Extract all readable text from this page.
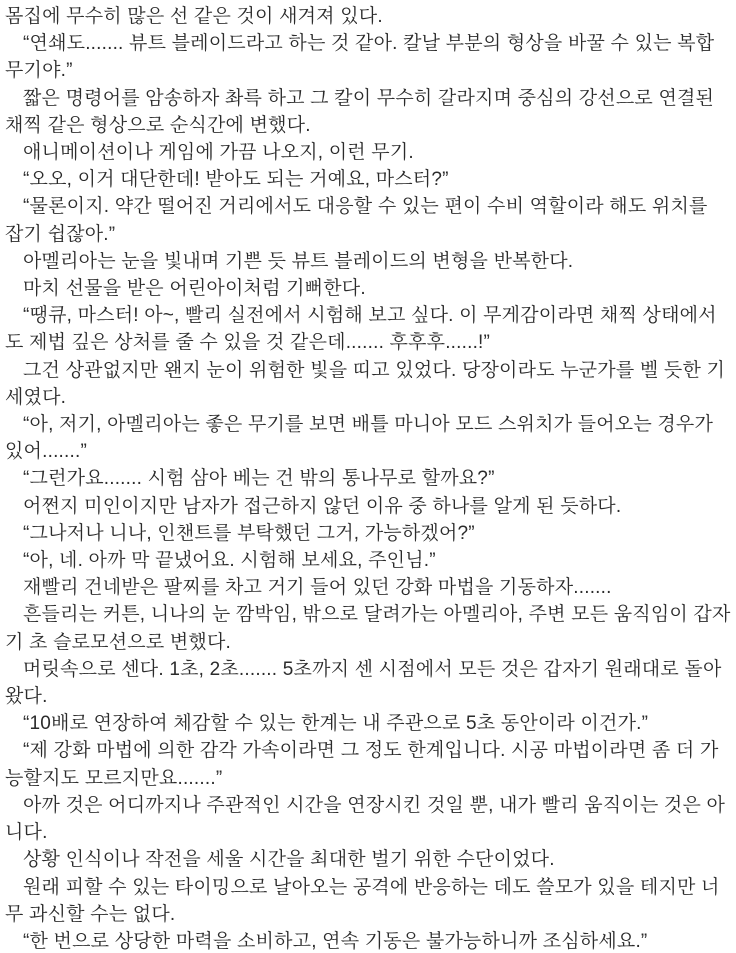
몸집에 무수히 많은 선 같은 것이 새겨져 있다.

“연쇄도....... 뷰트 블레이드라고 하는 것 같아. 칼날 부분의 형상을 바꿀 수 있는 복합 무기야.”

짧은 명령어를 암송하자 촤륵 하고 그 칼이 무수히 갈라지며 중심의 강선으로 연결된 채찍 같은 형상으로 순식간에 변했다.

애니메이션이나 게임에 가끔 나오지, 이런 무기.

“오오, 이거 대단한데! 받아도 되는 거예요, 마스터?”

“물론이지. 약간 떨어진 거리에서도 대응할 수 있는 편이 수비 역할이라 해도 위치를 잡기 쉽잖아.”

아멜리아는 눈을 빛내며 기쁜 듯 뷰트 블레이드의 변형을 반복한다.

마치 선물을 받은 어린아이처럼 기뻐한다.

“땡큐, 마스터! 아~, 빨리 실전에서 시험해 보고 싶다. 이 무게감이라면 채찍 상태에서도 제법 깊은 상처를 줄 수 있을 것 같은데....... 후후후......!”

그건 상관없지만 왠지 눈이 위험한 빛을 띠고 있었다. 당장이라도 누군가를 벨 듯한 기세였다.

“아, 저기, 아멜리아는 좋은 무기를 보면 배틀 마니아 모드 스위치가 들어오는 경우가 있어.......”

“그런가요....... 시험 삼아 베는 건 밖의 통나무로 할까요?”

어쩐지 미인이지만 남자가 접근하지 않던 이유 중 하나를 알게 된 듯하다.

“그나저나 니나, 인챈트를 부탁했던 그거, 가능하겠어?”

“아, 네. 아까 막 끝냈어요. 시험해 보세요, 주인님.”

재빨리 건네받은 팔찌를 차고 거기 들어 있던 강화 마법을 기동하자.......

흔들리는 커튼, 니나의 눈 깜박임, 밖으로 달려가는 아멜리아, 주변 모든 움직임이 갑자기 초 슬로모션으로 변했다.

머릿속으로 센다. 1초, 2초....... 5초까지 센 시점에서 모든 것은 갑자기 원래대로 돌아왔다.

“10배로 연장하여 체감할 수 있는 한계는 내 주관으로 5초 동안이라 이건가.”

“제 강화 마법에 의한 감각 가속이라면 그 정도 한계입니다. 시공 마법이라면 좀 더 가능할지도 모르지만요.......”

아까 것은 어디까지나 주관적인 시간을 연장시킨 것일 뿐, 내가 빨리 움직이는 것은 아니다.

상황 인식이나 작전을 세울 시간을 최대한 벌기 위한 수단이었다.

원래 피할 수 있는 타이밍으로 날아오는 공격에 반응하는 데도 쓸모가 있을 테지만 너무 과신할 수는 없다.

“한 번으로 상당한 마력을 소비하고, 연속 기동은 불가능하니까 조심하세요.”
